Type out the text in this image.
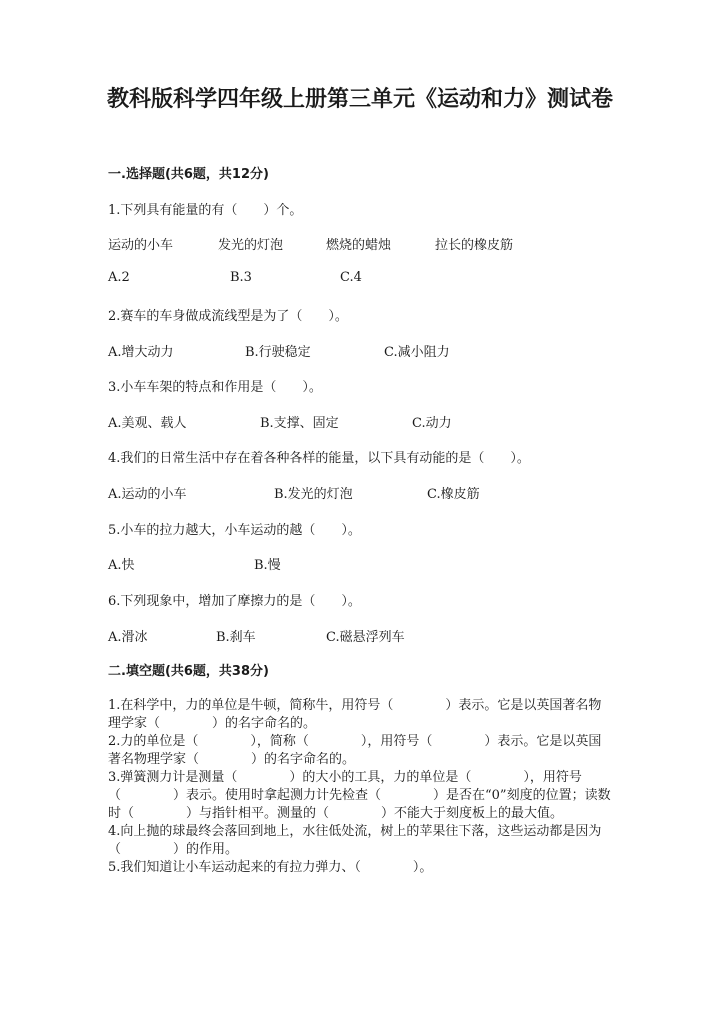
教科版科学四年级上册第三单元《运动和力》测试卷
一.选择题(共6题，共12分)
1.下列具有能量的有（　　）个。
运动的小车	发光的灯泡	燃烧的蜡烛	拉长的橡皮筋
A.2	B.3	C.4
2.赛车的车身做成流线型是为了（　　）。
A.增大动力	B.行驶稳定	C.减小阻力
3.小车车架的特点和作用是（　　）。
A.美观、载人	B.支撑、固定	C.动力
4.我们的日常生活中存在着各种各样的能量，以下具有动能的是（　　）。
A.运动的小车	B.发光的灯泡	C.橡皮筋
5.小车的拉力越大，小车运动的越（　　）。
A.快	B.慢
6.下列现象中，增加了摩擦力的是（　　）。
A.滑冰	B.刹车	C.磁悬浮列车
二.填空题(共6题，共38分)

1.在科学中，力的单位是牛顿，简称牛，用符号（　　　　）表示。它是以英国著名物理学家（　　　　）的名字命名的。

2.力的单位是（　　　　），简称（　　　　），用符号（　　　　）表示。它是以英国著名物理学家（　　　　）的名字命名的。

3.弹簧测力计是测量（　　　　）的大小的工具，力的单位是（　　　　），用符号（　　　　）表示。使用时拿起测力计先检查（　　　　）是否在“0”刻度的位置；读数时（　　　　）与指针相平。测量的（　　　　）不能大于刻度板上的最大值。

4.向上抛的球最终会落回到地上，水往低处流，树上的苹果往下落，这些运动都是因为（　　　　）的作用。

5.我们知道让小车运动起来的有拉力弹力、（　　　　）。
